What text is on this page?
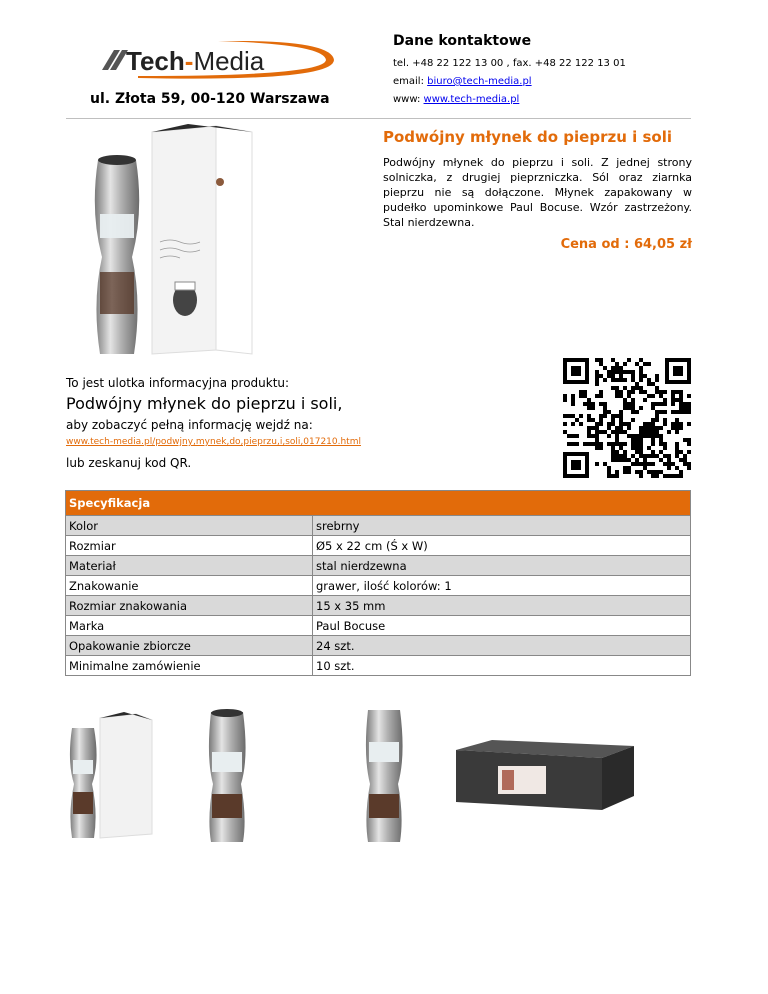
Tech-Media
ul. Złota 59, 00-120 Warszawa
Dane kontaktowe
tel. +48 22 122 13 00 , fax. +48 22 122 13 01
email: biuro@tech-media.pl
www: www.tech-media.pl
Podwójny młynek do pieprzu i soli
Podwójny młynek do pieprzu i soli. Z jednej strony solniczka, z drugiej pieprzniczka. Sól oraz ziarnka pieprzu nie są dołączone. Młynek zapakowany w pudełko upominkowe Paul Bocuse. Wzór zastrzeżony. Stal nierdzewna.
Cena od : 64,05 zł
To jest ulotka informacyjna produktu:
Podwójny młynek do pieprzu i soli,
aby zobaczyć pełną informację wejdź na:
www.tech-media.pl/podwjny,mynek,do,pieprzu,i,soli,017210.html
lub zeskanuj kod QR.
Specyfikacja	
Kolor	srebrny
Rozmiar	Ø5 x 22 cm (Ś x W)
Materiał	stal nierdzewna
Znakowanie	grawer, ilość kolorów: 1
Rozmiar znakowania	15 x 35 mm
Marka	Paul Bocuse
Opakowanie zbiorcze	24 szt.
Minimalne zamówienie	10 szt.
